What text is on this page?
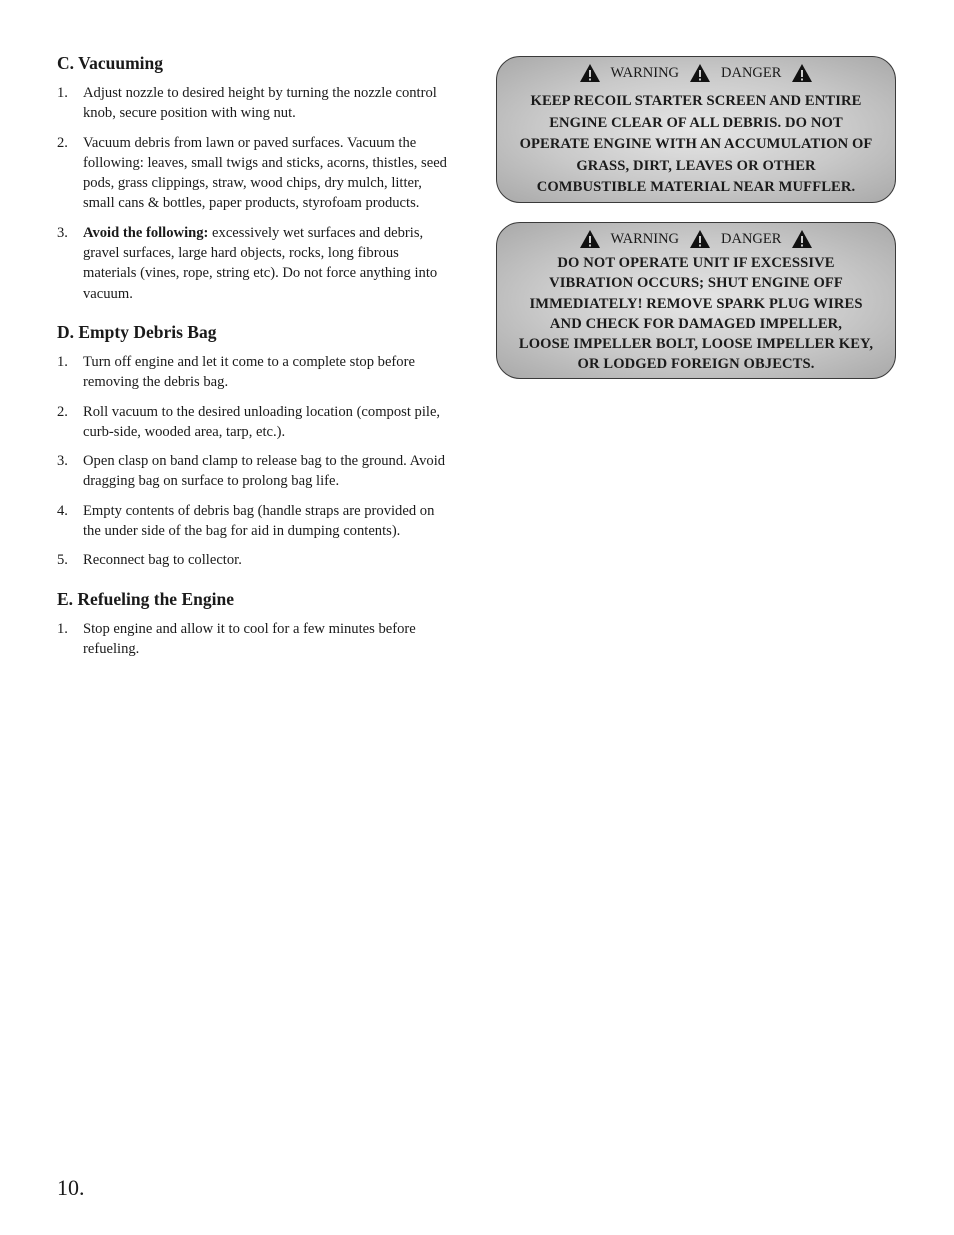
C. Vacuuming
1. Adjust nozzle to desired height by turning the nozzle control knob, secure position with wing nut.
2. Vacuum debris from lawn or paved surfaces. Vacuum the following: leaves, small twigs and sticks, acorns, thistles, seed pods, grass clippings, straw, wood chips, dry mulch, litter, small cans & bottles, paper products, styrofoam products.
3. Avoid the following: excessively wet surfaces and debris, gravel surfaces, large hard objects, rocks, long fibrous materials (vines, rope, string etc). Do not force anything into vacuum.
D. Empty Debris Bag
1. Turn off engine and let it come to a complete stop before removing the debris bag.
2. Roll vacuum to the desired unloading location (compost pile, curb-side, wooded area, tarp, etc.).
3. Open clasp on band clamp to release bag to the ground. Avoid dragging bag on surface to prolong bag life.
4. Empty contents of debris bag (handle straps are provided on the under side of the bag for aid in dumping contents).
5. Reconnect bag to collector.
E. Refueling the Engine
1. Stop engine and allow it to cool for a few minutes before refueling.
WARNING	DANGER
KEEP RECOIL STARTER SCREEN AND ENTIRE
ENGINE CLEAR OF ALL DEBRIS. DO NOT
OPERATE ENGINE WITH AN ACCUMULATION OF
GRASS, DIRT, LEAVES OR OTHER
COMBUSTIBLE MATERIAL NEAR MUFFLER.
WARNING	DANGER
DO NOT OPERATE UNIT IF EXCESSIVE
VIBRATION OCCURS; SHUT ENGINE OFF
IMMEDIATELY! REMOVE SPARK PLUG WIRES
AND CHECK FOR DAMAGED IMPELLER,
LOOSE IMPELLER BOLT, LOOSE IMPELLER KEY,
OR LODGED FOREIGN OBJECTS.
10.
